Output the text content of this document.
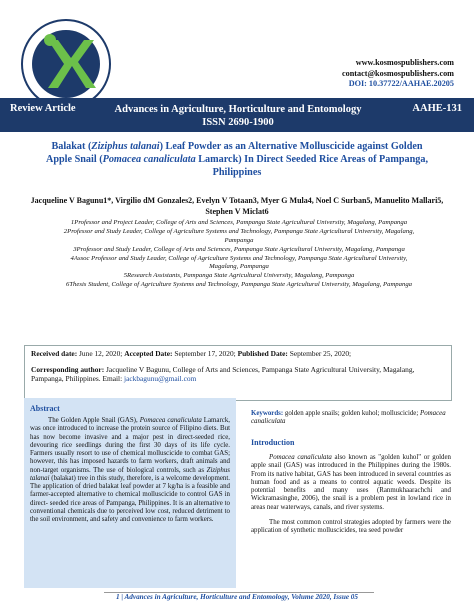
www.kosmospublishers.com
contact@kosmospublishers.com
DOI: 10.37722/AAHAE.20205
Review Article	Advances in Agriculture, Horticulture and Entomology
ISSN 2690-1900
AAHE-131
Balakat (Ziziphus talanai) Leaf Powder as an Alternative Molluscicide against Golden Apple Snail (Pomacea canaliculata Lamarck) In Direct Seeded Rice Areas of Pampanga, Philippines
Jacqueline V Bagunu1*, Virgilio dM Gonzales2, Evelyn V Totaan3, Myer G Mula4, Noel C Surban5, Manuelito Mallari5, Stephen V Miclat6
1Professor and Project Leader, College of Arts and Sciences, Pampanga State Agricultural University, Magalang, Pampanga
2Professor and Study Leader, College of Agriculture Systems and Technology, Pampanga State Agricultural University, Magalang, Pampanga
3Professor and Study Leader, College of Arts and Sciences, Pampanga State Agricultural University, Magalang, Pampanga
4Assoc Professor and Study Leader, College of Agriculture Systems and Technology, Pampanga State Agricultural University, Magalang, Pampanga
5Research Assistants, Pampanga State Agricultural University, Magalang, Pampanga
6Thesis Student, College of Agriculture Systems and Technology, Pampanga State Agricultural University, Magalang, Pampanga
Received date: June 12, 2020; Accepted Date: September 17, 2020; Published Date: September 25, 2020;
Corresponding author: Jacqueline V Bagunu, College of Arts and Sciences, Pampanga State Agricultural University, Magalang, Pampanga, Philippines. Email: jackbagunu@gmail.com
Abstract

The Golden Apple Snail (GAS), Pomacea canaliculata Lamarck, was once introduced to increase the protein source of Filipino diets. But has now become invasive and a major pest in direct-seeded rice, devouring rice seedlings during the first 30 days of its life cycle. Farmers usually resort to use of chemical molluscicide to combat GAS; however, this has imposed hazards to farm workers, draft animals and non-target organisms. The use of biological controls, such as Ziziphus talanai (balakat) tree in this study, therefore, is a welcome development. The application of dried balakat leaf powder at 7 kg/ha is a feasible and farmer-accepted alternative to chemical molluscicide to control GAS in direct- seeded rice areas of Pampanga, Philippines. It is an alternative to conventional chemicals due to perceived low cost, reduced detriment to the soil environment, and safety and convenience to farm workers.

Keywords: golden apple snails; golden kuhol; molluscicide; Pomacea canaliculata
Introduction

Pomacea canaliculata also known as "golden kuhol" or golden apple snail (GAS) was introduced in the Philippines during the 1980s. From its native habitat, GAS has been introduced in several countries as human food and as a means to control aquatic weeds. Despite its potential benefits and many uses (Ranmukhaarachchi and Wickramasinghe, 2006), the snail is a problem pest in lowland rice in areas near waterways, canals, and river systems.

The most common control strategies adopted by farmers were the application of synthetic molluscicides, tea seed powder

1 | Advances in Agriculture, Horticulture and Entomology, Volume 2020, Issue 05
